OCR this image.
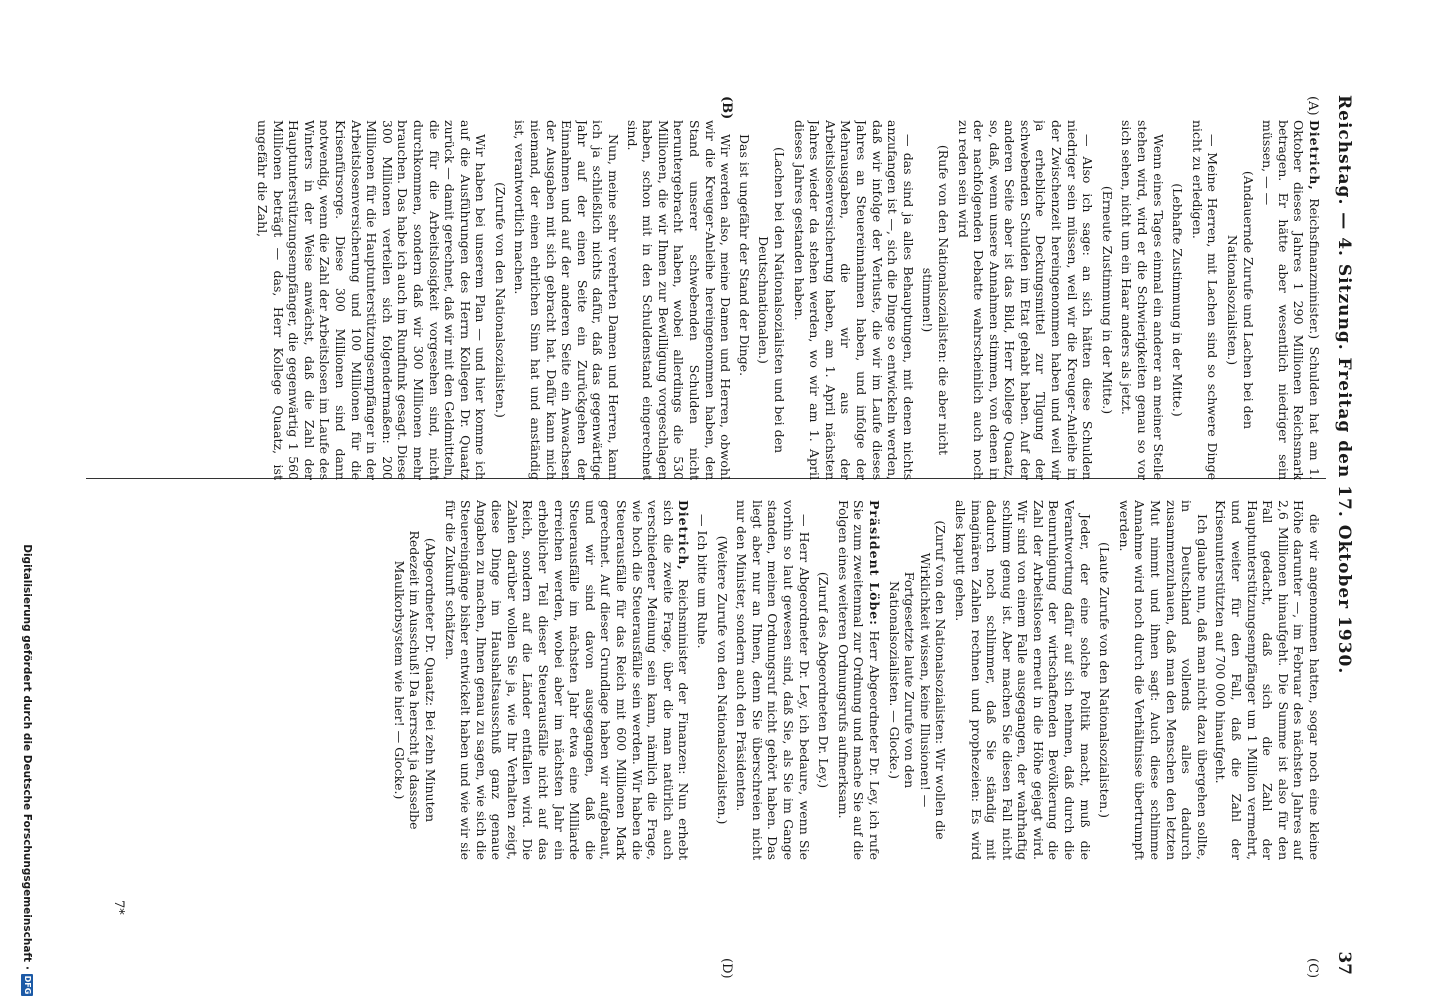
Reichstag. — 4. Sitzung. Freitag den 17. Oktober 1930.
37
(A)
(B)
(C)
(D)

Dietrich, Reichsfinanzminister.) Schulden hat am 1. Oktober dieses Jahres 1 290 Millionen Reichsmark betragen. Er hätte aber wesentlich niedriger sein müssen, — —

(Andauernde Zurufe und Lachen bei den Nationalsozialisten.)

— Meine Herren, mit Lachen sind so schwere Dinge nicht zu erledigen.

(Lebhafte Zustimmung in der Mitte.)

Wenn eines Tages einmal ein anderer an meiner Stelle stehen wird, wird er die Schwierigkeiten genau so vor sich sehen, nicht um ein Haar anders als jetzt.

(Erneute Zustimmung in der Mitte.)

— Also ich sage: an sich hätten diese Schulden niedriger sein müssen, weil wir die Kreuger-Anleihe in der Zwischenzeit hereingenommen haben und weil wir ja erhebliche Deckungsmittel zur Tilgung der schwebenden Schulden im Etat gehabt haben. Auf der anderen Seite aber ist das Bild, Herr Kollege Quaatz, so, daß, wenn unsere Annahmen stimmen, von denen in der nachfolgenden Debatte wahrscheinlich auch noch zu reden sein wird

(Rufe von den Nationalsozialisten: die aber nicht stimmen!)

— das sind ja alles Behauptungen, mit denen nichts anzufangen ist —, sich die Dinge so entwickeln werden, daß wir infolge der Verluste, die wir im Laufe dieses Jahres an Steuereinnahmen haben, und infolge der Mehrausgaben, die wir aus der Arbeitslosenversicherung haben, am 1. April nächsten Jahres wieder da stehen werden, wo wir am 1. April dieses Jahres gestanden haben.

(Lachen bei den Nationalsozialisten und bei den Deutschnationalen.)

Das ist ungefähr der Stand der Dinge.

Wir werden also, meine Damen und Herren, obwohl wir die Kreuger-Anleihe hereingenommen haben, den Stand unserer schwebenden Schulden nicht heruntergebracht haben, wobei allerdings die 530 Millionen, die wir Ihnen zur Bewilligung vorgeschlagen haben, schon mit in den Schuldenstand eingerechnet sind.

Nun, meine sehr verehrten Damen und Herren, kann ich ja schließlich nichts dafür, daß das gegenwärtige Jahr auf der einen Seite ein Zurückgehen der Einnahmen und auf der anderen Seite ein Anwachsen der Ausgaben mit sich gebracht hat. Dafür kann mich niemand, der einen ehrlichen Sinn hat und anständig ist, verantwortlich machen.

(Zurufe von den Nationalsozialisten.)

Wir haben bei unserem Plan — und hier komme ich auf die Ausführungen des Herrn Kollegen Dr. Quaatz zurück — damit gerechnet, daß wir mit den Geldmitteln, die für die Arbeitslosigkeit vorgesehen sind, nicht durchkommen, sondern daß wir 300 Millionen mehr brauchen. Das habe ich auch im Rundfunk gesagt. Diese 300 Millionen verteilen sich folgendermaßen: 200 Millionen für die Hauptunterstützungsempfänger in der Arbeitslosenversicherung und 100 Millionen für die Krisenfürsorge. Diese 300 Millionen sind dann notwendig, wenn die Zahl der Arbeitslosen im Laufe des Winters in der Weise anwächst, daß die Zahl der Hauptunterstützungsempfänger, die gegenwärtig 1 560 Millionen beträgt — das, Herr Kollege Quaatz, ist ungefähr die Zahl,

die wir angenommen hatten, sogar noch eine kleine Höhe darunter —, im Februar des nächsten Jahres auf 2,6 Millionen hinaufgeht. Die Summe ist also für den Fall gedacht, daß sich die Zahl der Hauptunterstützungsempfänger um 1 Million vermehrt, und weiter für den Fall, daß die Zahl der Krisenunterstützten auf 700 000 hinaufgeht.

Ich glaube nun, daß man nicht dazu übergehen sollte, in Deutschland vollends alles dadurch zusammenzuhauen, daß man den Menschen den letzten Mut nimmt und ihnen sagt: Auch diese schlimme Annahme wird noch durch die Verhältnisse übertrumpft werden.

(Laute Zurufe von den Nationalsozialisten.)

Jeder, der eine solche Politik macht, muß die Verantwortung dafür auf sich nehmen, daß durch die Beunruhigung der wirtschaftenden Bevölkerung die Zahl der Arbeitslosen erneut in die Höhe gejagt wird. Wir sind von einem Falle ausgegangen, der wahrhaftig schlimm genug ist. Aber machen Sie diesen Fall nicht dadurch noch schlimmer, daß Sie ständig mit imaginären Zahlen rechnen und prophezeien: Es wird alles kaputt gehen.

(Zuruf von den Nationalsozialisten: Wir wollen die Wirklichkeit wissen, keine Illusionen! — Fortgesetzte laute Zurufe von den Nationalsozialisten. — Glocke.)

Präsident Löbe: Herr Abgeordneter Dr. Ley, ich rufe Sie zum zweitenmal zur Ordnung und mache Sie auf die Folgen eines weiteren Ordnungsrufs aufmerksam.

(Zuruf des Abgeordneten Dr. Ley.)

— Herr Abgeordneter Dr. Ley, ich bedaure, wenn Sie vorhin so laut gewesen sind, daß Sie, als Sie im Gange standen, meinen Ordnungsruf nicht gehört haben. Das liegt aber nur an Ihnen, denn Sie überschreien nicht nur den Minister, sondern auch den Präsidenten.

(Weitere Zurufe von den Nationalsozialisten.)

— Ich bitte um Ruhe.

Dietrich, Reichsminister der Finanzen: Nun erhebt sich die zweite Frage, über die man natürlich auch verschiedener Meinung sein kann, nämlich die Frage, wie hoch die Steuerausfälle sein werden. Wir haben die Steuerausfälle für das Reich mit 600 Millionen Mark gerechnet. Auf dieser Grundlage haben wir aufgebaut, und wir sind davon ausgegangen, daß die Steuerausfälle im nächsten Jahr etwa eine Milliarde erreichen werden, wobei aber im nächsten Jahr ein erheblicher Teil dieser Steuerausfälle nicht auf das Reich, sondern auf die Länder entfallen wird. Die Zahlen darüber wollen Sie ja, wie Ihr Verhalten zeigt, diese Dinge im Haushaltsausschuß ganz genaue Angaben zu machen, Ihnen genau zu sagen, wie sich die Steuereingänge bisher entwickelt haben und wie wir sie für die Zukunft schätzen.

(Abgeordneter Dr. Quaatz: Bei zehn Minuten Redezeit im Ausschuß! Da herrscht ja dasselbe Maulkorbsystem wie hier! — Glocke.)

7*
Digitalisierung gefördert durch die Deutsche Forschungsgemeinschaft
·
DFG
